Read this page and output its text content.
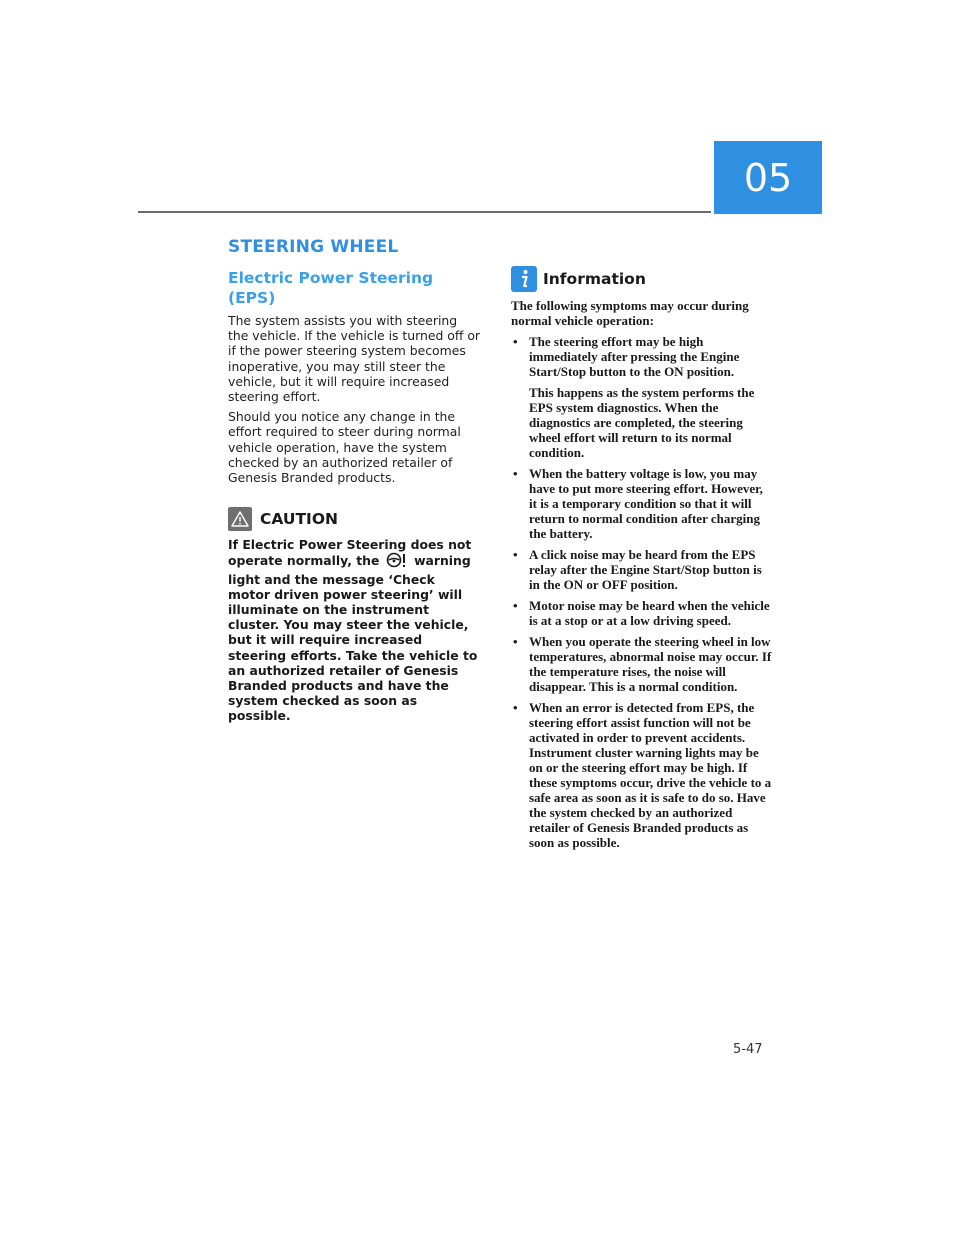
05
STEERING WHEEL
Electric Power Steering (EPS)

The system assists you with steering the vehicle. If the vehicle is turned off or if the power steering system becomes inoperative, you may still steer the vehicle, but it will require increased steering effort.

Should you notice any change in the effort required to steer during normal vehicle operation, have the system checked by an authorized retailer of Genesis Branded products.

CAUTION

If Electric Power Steering does not operate normally, the	warning light and the message ‘Check motor driven power steering’ will illuminate on the instrument cluster. You may steer the vehicle, but it will require increased steering efforts. Take the vehicle to an authorized retailer of Genesis Branded products and have the system checked as soon as possible.

Information

The following symptoms may occur during normal vehicle operation:

• The steering effort may be high immediately after pressing the Engine Start/Stop button to the ON position.
This happens as the system performs the EPS system diagnostics. When the diagnostics are completed, the steering wheel effort will return to its normal condition.
• When the battery voltage is low, you may have to put more steering effort. However, it is a temporary condition so that it will return to normal condition after charging the battery.
• A click noise may be heard from the EPS relay after the Engine Start/Stop button is in the ON or OFF position.
• Motor noise may be heard when the vehicle is at a stop or at a low driving speed.
• When you operate the steering wheel in low temperatures, abnormal noise may occur. If the temperature rises, the noise will disappear. This is a normal condition.
• When an error is detected from EPS, the steering effort assist function will not be activated in order to prevent accidents. Instrument cluster warning lights may be on or the steering effort may be high. If these symptoms occur, drive the vehicle to a safe area as soon as it is safe to do so. Have the system checked by an authorized retailer of Genesis Branded products as soon as possible.
5-47
